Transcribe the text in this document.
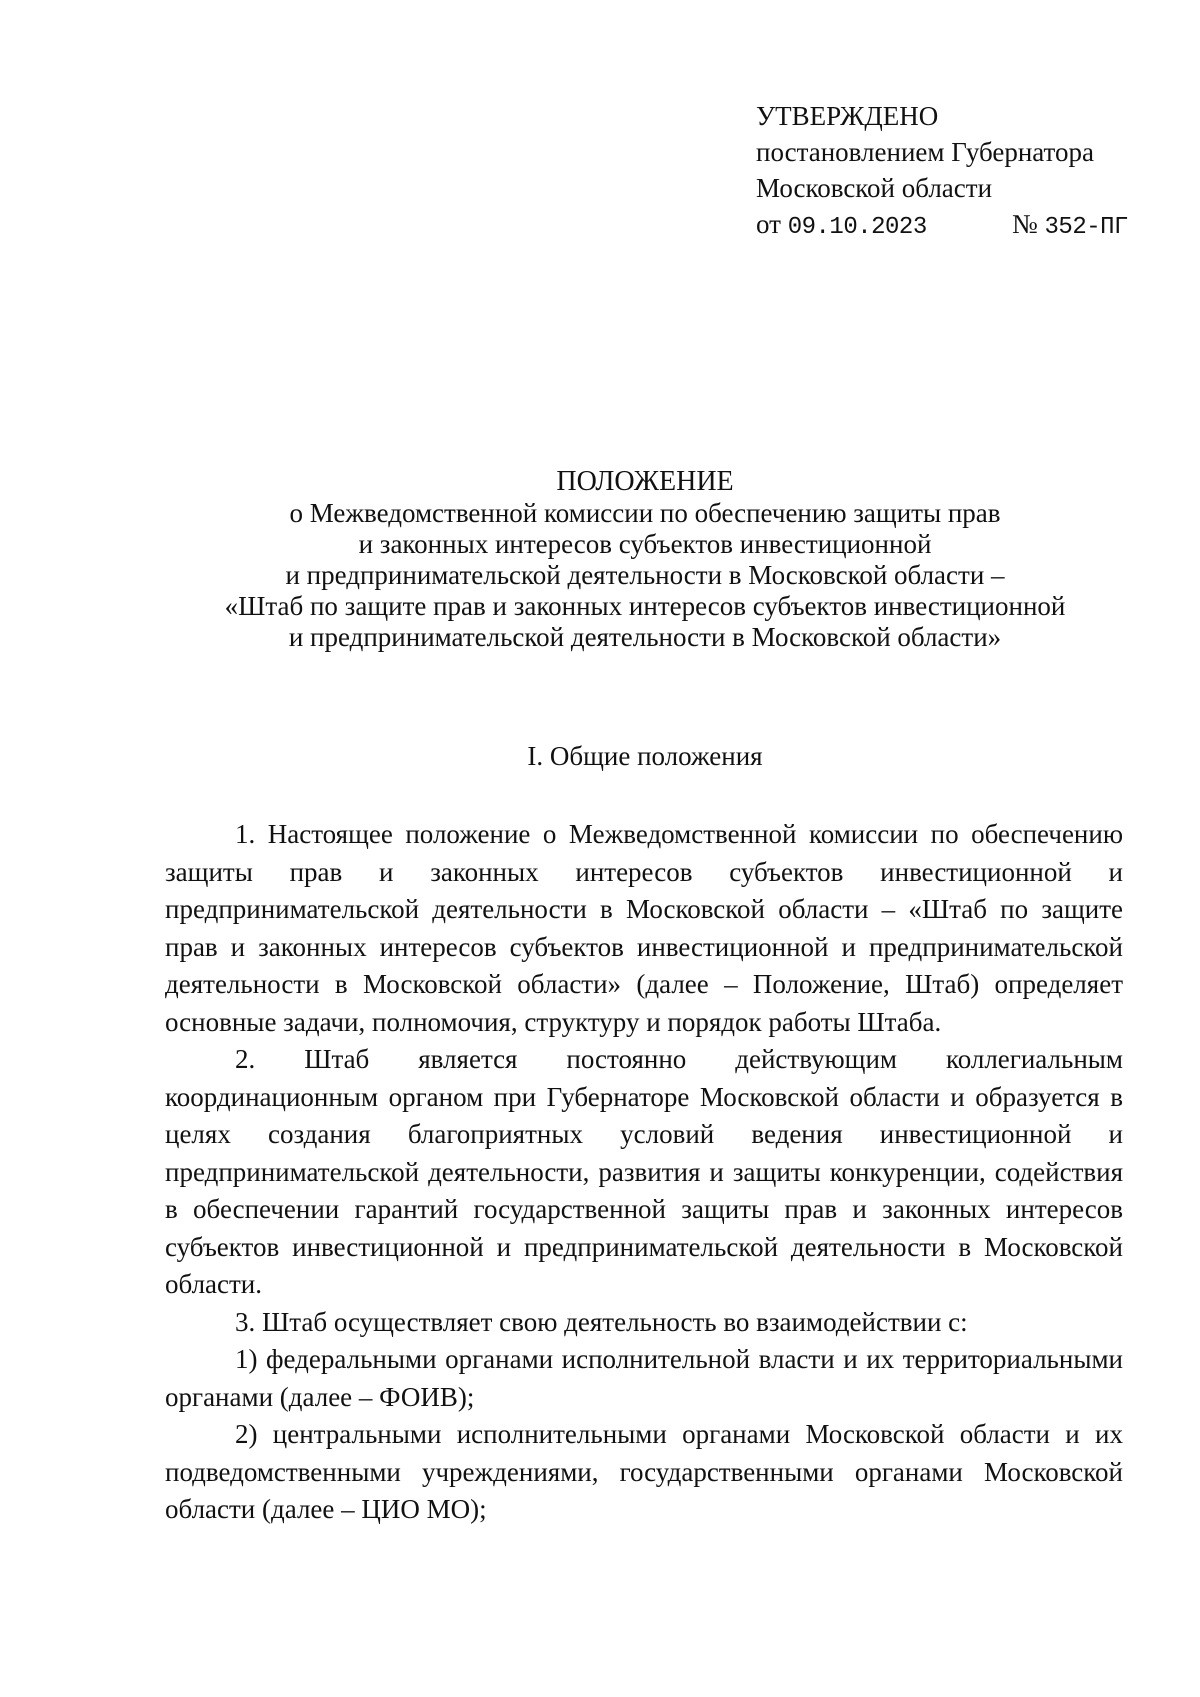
УТВЕРЖДЕНО
постановлением Губернатора
Московской области
от 09.10.2023	№ 352-ПГ
ПОЛОЖЕНИЕ
о Межведомственной комиссии по обеспечению защиты прав
и законных интересов субъектов инвестиционной
и предпринимательской деятельности в Московской области –
«Штаб по защите прав и законных интересов субъектов инвестиционной
и предпринимательской деятельности в Московской области»
I. Общие положения

1. Настоящее положение о Межведомственной комиссии по обеспечению защиты прав и законных интересов субъектов инвестиционной и предпринимательской деятельности в Московской области – «Штаб по защите прав и законных интересов субъектов инвестиционной и предпринимательской деятельности в Московской области» (далее – Положение, Штаб) определяет основные задачи, полномочия, структуру и порядок работы Штаба.

2. Штаб является постоянно действующим коллегиальным координационным органом при Губернаторе Московской области и образуется в целях создания благоприятных условий ведения инвестиционной и предпринимательской деятельности, развития и защиты конкуренции, содействия в обеспечении гарантий государственной защиты прав и законных интересов субъектов инвестиционной и предпринимательской деятельности в Московской области.

3. Штаб осуществляет свою деятельность во взаимодействии с:

1) федеральными органами исполнительной власти и их территориальными органами (далее – ФОИВ);

2) центральными исполнительными органами Московской области и их подведомственными учреждениями, государственными органами Московской области (далее – ЦИО МО);
